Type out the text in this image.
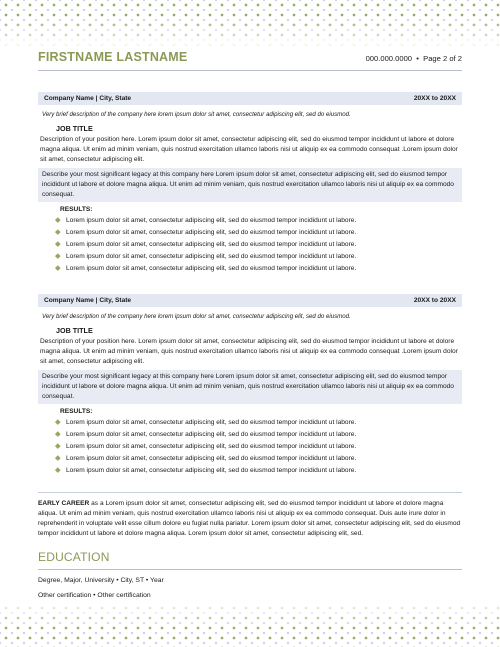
FIRSTNAME LASTNAME	000.000.0000  •  Page 2 of 2
Company Name | City, State	20XX to 20XX
Very brief description of the company here lorem ipsum dolor sit amet, consectetur adipiscing elit, sed do eiusmod.
JOB TITLE
Description of your position here. Lorem ipsum dolor sit amet, consectetur adipiscing elit, sed do eiusmod tempor incididunt ut labore et dolore magna aliqua. Ut enim ad minim veniam, quis nostrud exercitation ullamco laboris nisi ut aliquip ex ea commodo consequat .Lorem ipsum dolor sit amet, consectetur adipiscing elit.
Describe your most significant legacy at this company here Lorem ipsum dolor sit amet, consectetur adipiscing elit, sed do eiusmod tempor incididunt ut labore et dolore magna aliqua. Ut enim ad minim veniam, quis nostrud exercitation ullamco laboris nisi ut aliquip ex ea commodo consequat.
RESULTS:
Lorem ipsum dolor sit amet, consectetur adipiscing elit, sed do eiusmod tempor incididunt ut labore.
Lorem ipsum dolor sit amet, consectetur adipiscing elit, sed do eiusmod tempor incididunt ut labore.
Lorem ipsum dolor sit amet, consectetur adipiscing elit, sed do eiusmod tempor incididunt ut labore.
Lorem ipsum dolor sit amet, consectetur adipiscing elit, sed do eiusmod tempor incididunt ut labore.
Lorem ipsum dolor sit amet, consectetur adipiscing elit, sed do eiusmod tempor incididunt ut labore.
Company Name | City, State	20XX to 20XX
Very brief description of the company here lorem ipsum dolor sit amet, consectetur adipiscing elit, sed do eiusmod.
JOB TITLE
Description of your position here. Lorem ipsum dolor sit amet, consectetur adipiscing elit, sed do eiusmod tempor incididunt ut labore et dolore magna aliqua. Ut enim ad minim veniam, quis nostrud exercitation ullamco laboris nisi ut aliquip ex ea commodo consequat .Lorem ipsum dolor sit amet, consectetur adipiscing elit.
Describe your most significant legacy at this company here Lorem ipsum dolor sit amet, consectetur adipiscing elit, sed do eiusmod tempor incididunt ut labore et dolore magna aliqua. Ut enim ad minim veniam, quis nostrud exercitation ullamco laboris nisi ut aliquip ex ea commodo consequat.
RESULTS:
Lorem ipsum dolor sit amet, consectetur adipiscing elit, sed do eiusmod tempor incididunt ut labore.
Lorem ipsum dolor sit amet, consectetur adipiscing elit, sed do eiusmod tempor incididunt ut labore.
Lorem ipsum dolor sit amet, consectetur adipiscing elit, sed do eiusmod tempor incididunt ut labore.
Lorem ipsum dolor sit amet, consectetur adipiscing elit, sed do eiusmod tempor incididunt ut labore.
Lorem ipsum dolor sit amet, consectetur adipiscing elit, sed do eiusmod tempor incididunt ut labore.
EARLY CAREER as a Lorem ipsum dolor sit amet, consectetur adipiscing elit, sed do eiusmod tempor incididunt ut labore et dolore magna aliqua. Ut enim ad minim veniam, quis nostrud exercitation ullamco laboris nisi ut aliquip ex ea commodo consequat. Duis aute irure dolor in reprehenderit in voluptate velit esse cillum dolore eu fugiat nulla pariatur. Lorem ipsum dolor sit amet, consectetur adipiscing elit, sed do eiusmod tempor incididunt ut labore et dolore magna aliqua. Lorem ipsum dolor sit amet, consectetur adipiscing elit, sed.
EDUCATION
Degree, Major, University • City, ST • Year
Other certification • Other certification
